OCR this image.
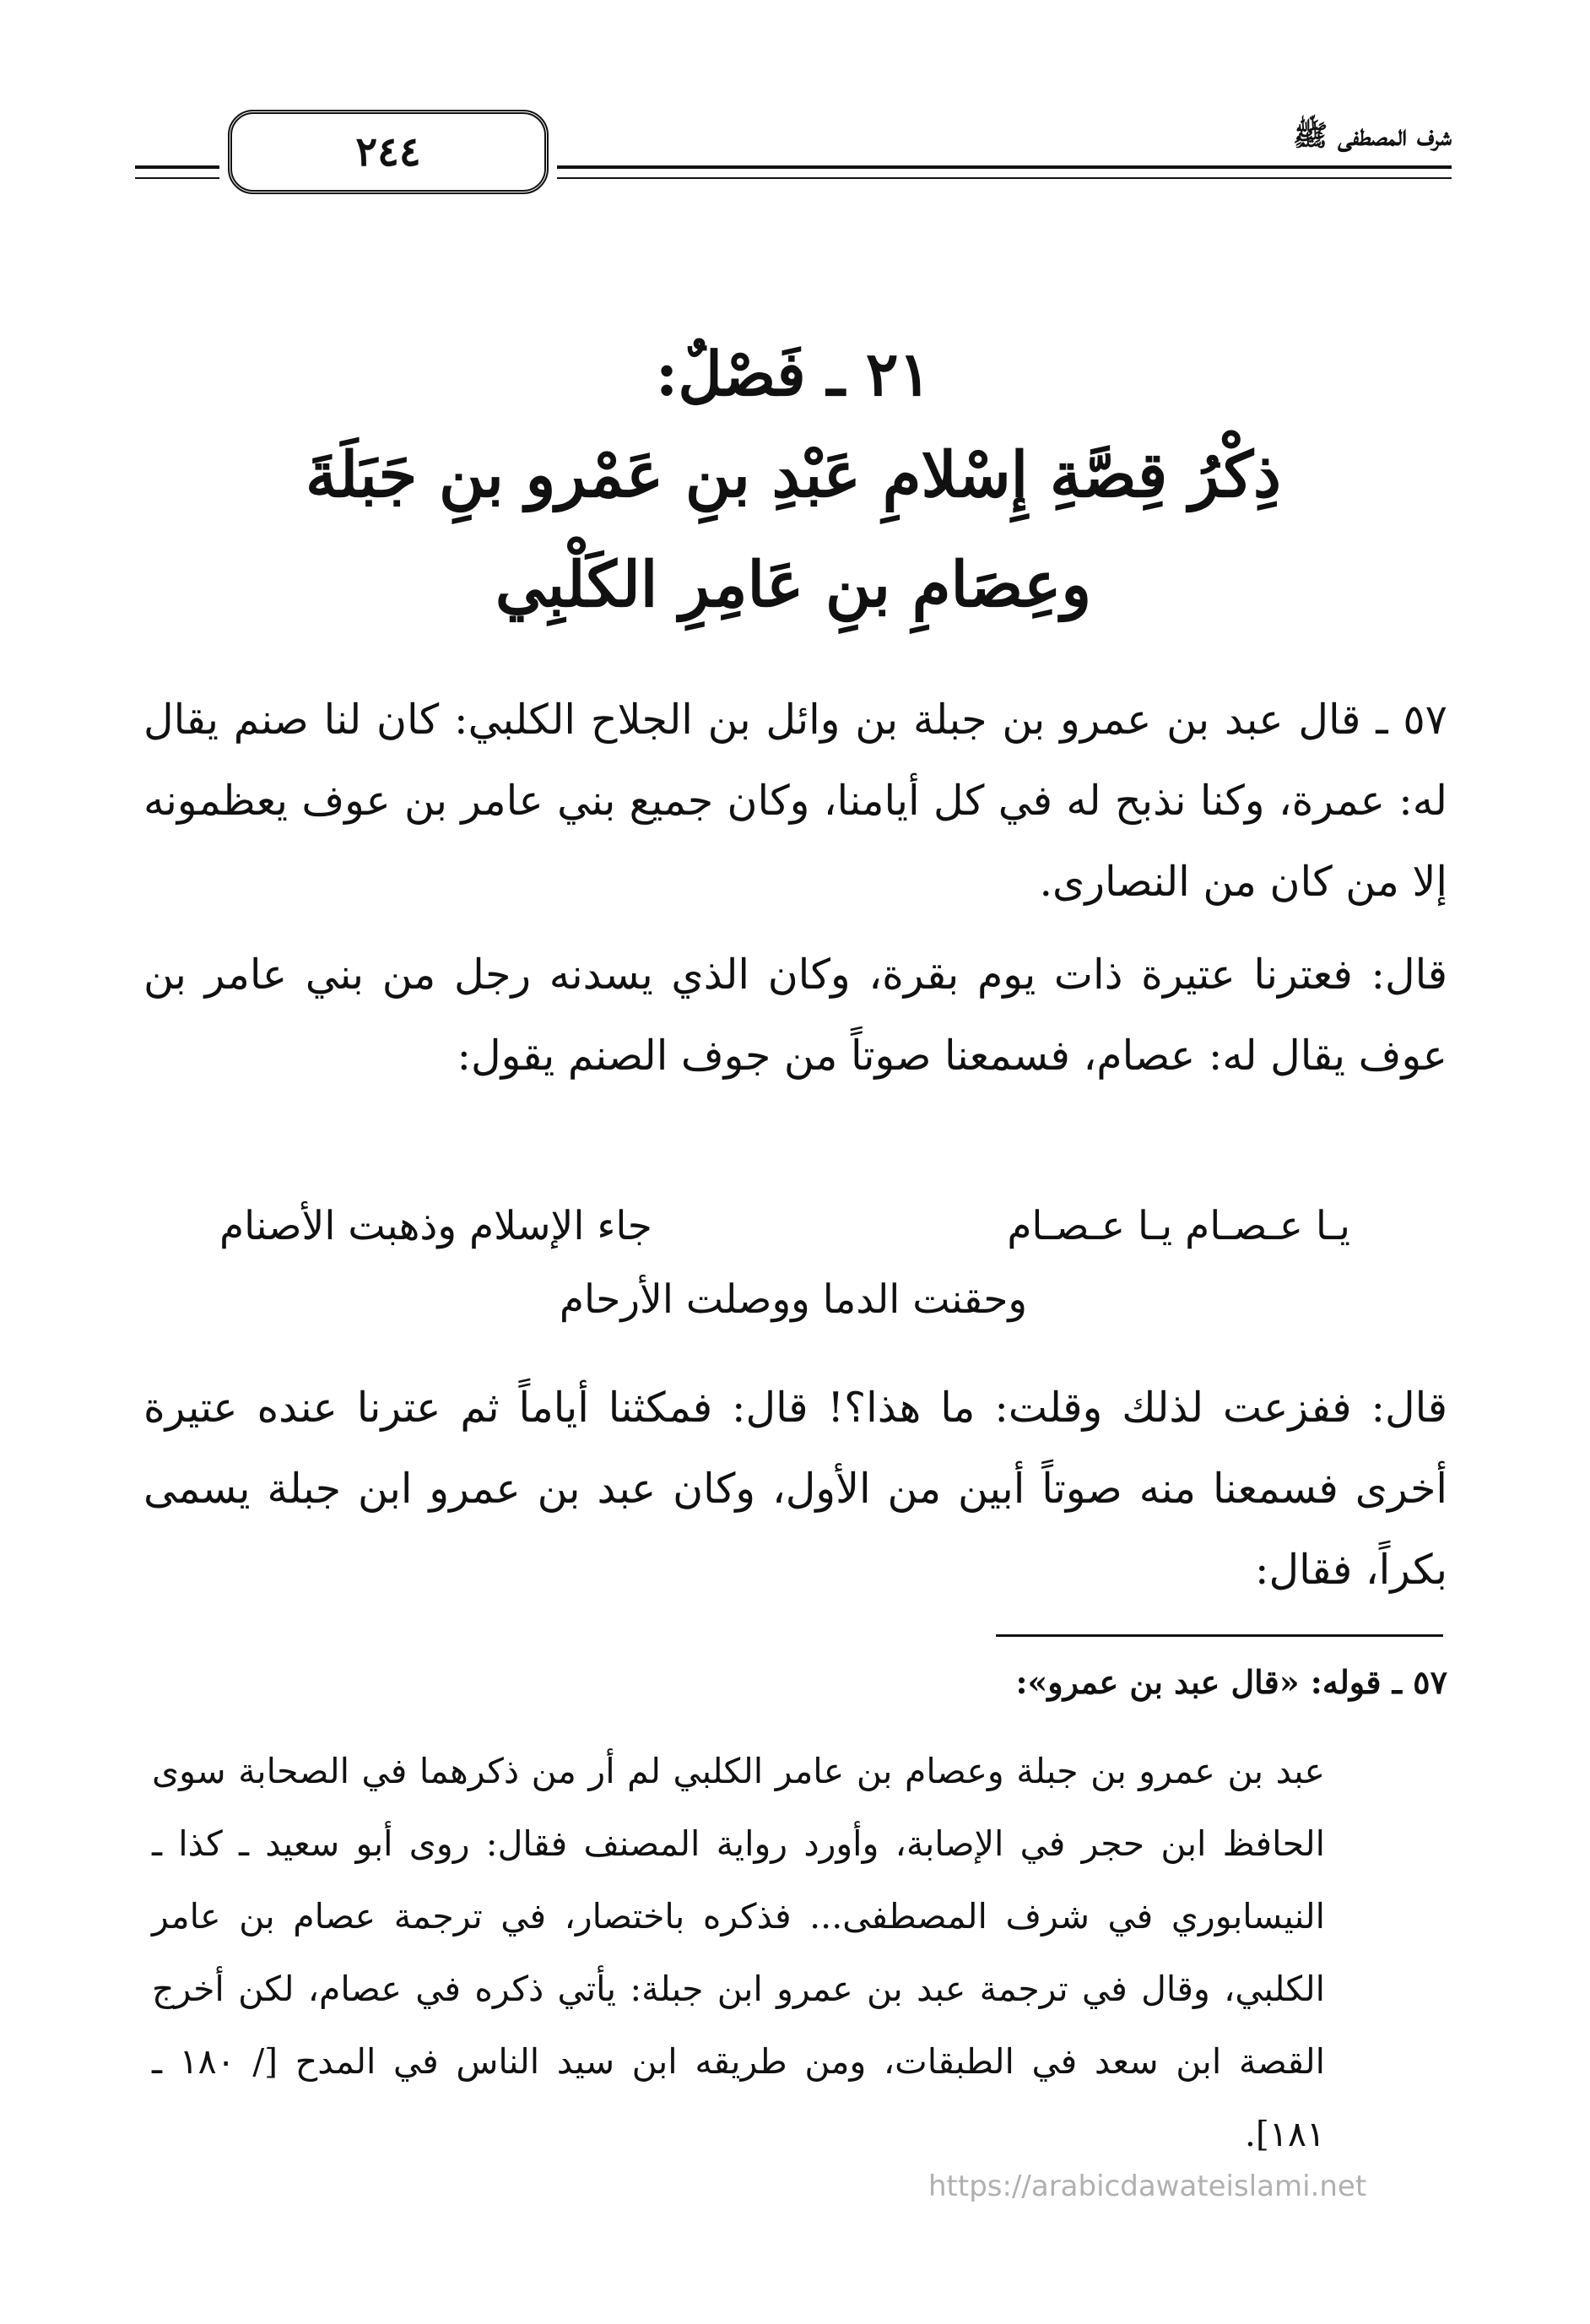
٢٤٤	شرف المصطفى ﷺ
٢١ ـ فَصْلٌ:
ذِكْرُ قِصَّةِ إِسْلامِ عَبْدِ بنِ عَمْرو بنِ جَبَلَةَ
وعِصَامِ بنِ عَامِرِ الكَلْبِي

٥٧ ـ قال عبد بن عمرو بن جبلة بن وائل بن الجلاح الكلبي: كان لنا صنم يقال له: عمرة، وكنا نذبح له في كل أيامنا، وكان جميع بني عامر بن عوف يعظمونه إلا من كان من النصارى.

قال: فعترنا عتيرة ذات يوم بقرة، وكان الذي يسدنه رجل من بني عامر بن عوف يقال له: عصام، فسمعنا صوتاً من جوف الصنم يقول:

يـا عـصـام يـا عـصـام
جاء الإسلام وذهبت الأصنام
وحقنت الدما ووصلت الأرحام

قال: ففزعت لذلك وقلت: ما هذا؟! قال: فمكثنا أياماً ثم عترنا عنده عتيرة أخرى فسمعنا منه صوتاً أبين من الأول، وكان عبد بن عمرو ابن جبلة يسمى بكراً، فقال:

٥٧ ـ قوله: «قال عبد بن عمرو»:

عبد بن عمرو بن جبلة وعصام بن عامر الكلبي لم أر من ذكرهما في الصحابة سوى الحافظ ابن حجر في الإصابة، وأورد رواية المصنف فقال: روى أبو سعيد ـ كذا ـ النيسابوري في شرف المصطفى... فذكره باختصار، في ترجمة عصام بن عامر الكلبي، وقال في ترجمة عبد بن عمرو ابن جبلة: يأتي ذكره في عصام، لكن أخرج القصة ابن سعد في الطبقات، ومن طريقه ابن سيد الناس في المدح [/ ١٨٠ ـ ١٨١].

https://arabicdawateislami.net
